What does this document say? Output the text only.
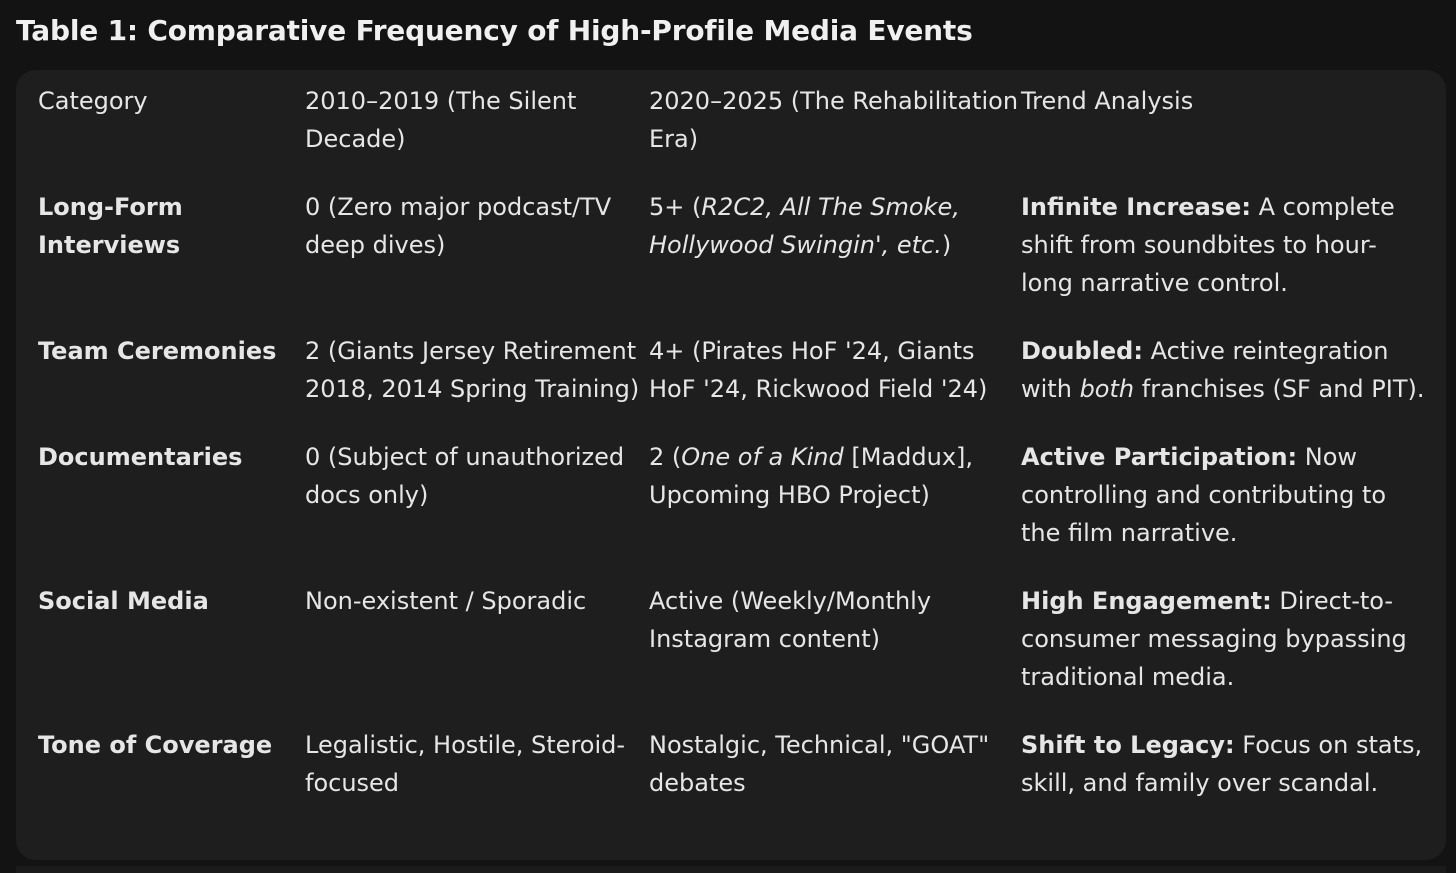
Table 1: Comparative Frequency of High-Profile Media Events
Category	2010–2019 (The Silent Decade)	2020–2025 (The Rehabilitation Era)	Trend Analysis
Long-Form Interviews	0 (Zero major podcast/TV deep dives)	5+ (R2C2, All The Smoke, Hollywood Swingin', etc.)	Infinite Increase: A complete shift from soundbites to hour-long narrative control.
Team Ceremonies	2 (Giants Jersey Retirement 2018, 2014 Spring Training)	4+ (Pirates HoF '24, Giants HoF '24, Rickwood Field '24)	Doubled: Active reintegration with both franchises (SF and PIT).
Documentaries	0 (Subject of unauthorized docs only)	2 (One of a Kind [Maddux], Upcoming HBO Project)	Active Participation: Now controlling and contributing to the film narrative.
Social Media	Non-existent / Sporadic	Active (Weekly/Monthly Instagram content)	High Engagement: Direct-to-consumer messaging bypassing traditional media.
Tone of Coverage	Legalistic, Hostile, Steroid-focused	Nostalgic, Technical, "GOAT" debates	Shift to Legacy: Focus on stats, skill, and family over scandal.
